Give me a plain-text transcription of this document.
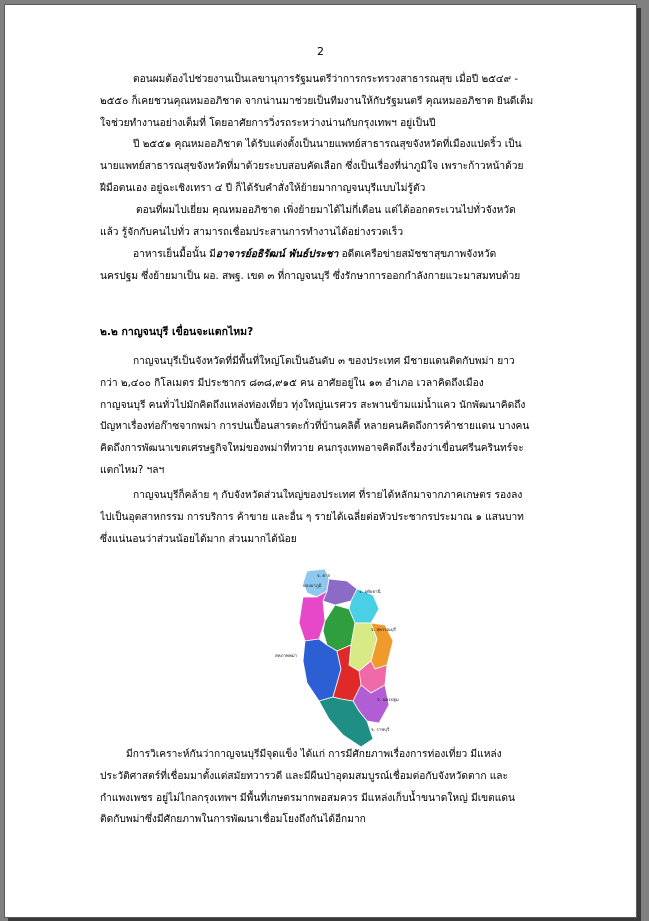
2
ตอนผมต้องไปช่วยงานเป็นเลขานุการรัฐมนตรีว่าการกระทรวงสาธารณสุข เมื่อปี ๒๕๔๙ -
๒๕๕๐ ก็เคยชวนคุณหมออภิชาต จากน่านมาช่วยเป็นทีมงานให้กับรัฐมนตรี คุณหมออภิชาต ยินดีเต็ม
ใจช่วยทำงานอย่างเต็มที่ โดยอาศัยการวิ่งรถระหว่างน่านกับกรุงเทพฯ อยู่เป็นปี
ปี ๒๕๕๑ คุณหมออภิชาต ได้รับแต่งตั้งเป็นนายแพทย์สาธารณสุขจังหวัดที่เมืองแปดริ้ว เป็น
นายแพทย์สาธารณสุขจังหวัดที่มาด้วยระบบสอบคัดเลือก ซึ่งเป็นเรื่องที่น่าภูมิใจ เพราะก้าวหน้าด้วย
ฝีมือตนเอง อยู่ฉะเชิงเทรา ๔ ปี ก็ได้รับคำสั่งให้ย้ายมากาญจนบุรีแบบไม่รู้ตัว
ตอนที่ผมไปเยี่ยม คุณหมออภิชาต เพิ่งย้ายมาได้ไม่กี่เดือน แต่ได้ออกตระเวนไปทั่วจังหวัด
แล้ว รู้จักกับคนไปทั่ว สามารถเชื่อมประสานการทำงานได้อย่างรวดเร็ว
อาหารเย็นมื้อนั้น มีอาจารย์อธิรัฒน์ พันธ์ประชา อดีตเครือข่ายสมัชชาสุขภาพจังหวัด
นครปฐม ซึ่งย้ายมาเป็น ผอ. สพฐ. เขต ๓ ที่กาญจนบุรี ซึ่งรักษาการออกกำลังกายแวะมาสมทบด้วย
๒.๒ กาญจนบุรี เขื่อนจะแตกไหม?
กาญจนบุรีเป็นจังหวัดที่มีพื้นที่ใหญ่โตเป็นอันดับ ๓ ของประเทศ มีชายแดนติดกับพม่า ยาว
กว่า ๒,๔๐๐ กิโลเมตร มีประชากร ๘๓๘,๙๑๕ คน อาศัยอยู่ใน ๑๓ อำเภอ เวลาคิดถึงเมือง
กาญจนบุรี คนทั่วไปมักคิดถึงแหล่งท่องเที่ยว ทุ่งใหญ่นเรศวร สะพานข้ามแม่น้ำแคว นักพัฒนาคิดถึง
ปัญหาเรื่องท่อก๊าซจากพม่า การปนเปื้อนสารตะกั่วที่บ้านคลิตี้ หลายคนคิดถึงการค้าชายแดน บางคน
คิดถึงการพัฒนาเขตเศรษฐกิจใหม่ของพม่าที่ทวาย คนกรุงเทพอาจคิดถึงเรื่องว่าเขื่อนศรีนครินทร์จะ
แตกไหม? ฯลฯ
กาญจนบุรีก็คล้าย ๆ กับจังหวัดส่วนใหญ่ของประเทศ ที่รายได้หลักมาจากภาคเกษตร รองลง
ไปเป็นอุตสาหกรรม การบริการ ค้าขาย และอื่น ๆ รายได้เฉลี่ยต่อหัวประชากรประมาณ ๑ แสนบาท
ซึ่งแน่นอนว่าส่วนน้อยได้มาก ส่วนมากได้น้อย
จ. ตาก
ทองผาภูมิ
จ. อุทัยธานี
จ. สุพรรณบุรี
สหภาพพม่า
จ. นครปฐม
จ. ราชบุรี
มีการวิเคราะห์กันว่ากาญจนบุรีมีจุดแข็ง ได้แก่ การมีศักยภาพเรื่องการท่องเที่ยว มีแหล่ง
ประวัติศาสตร์ที่เชื่อมมาตั้งแต่สมัยทวารวดี และมีผืนป่าอุดมสมบูรณ์เชื่อมต่อกับจังหวัดตาก และ
กำแพงเพชร อยู่ไม่ไกลกรุงเทพฯ มีพื้นที่เกษตรมากพอสมควร มีแหล่งเก็บน้ำขนาดใหญ่ มีเขตแดน
ติดกับพม่าซึ่งมีศักยภาพในการพัฒนาเชื่อมโยงถึงกันได้อีกมาก
